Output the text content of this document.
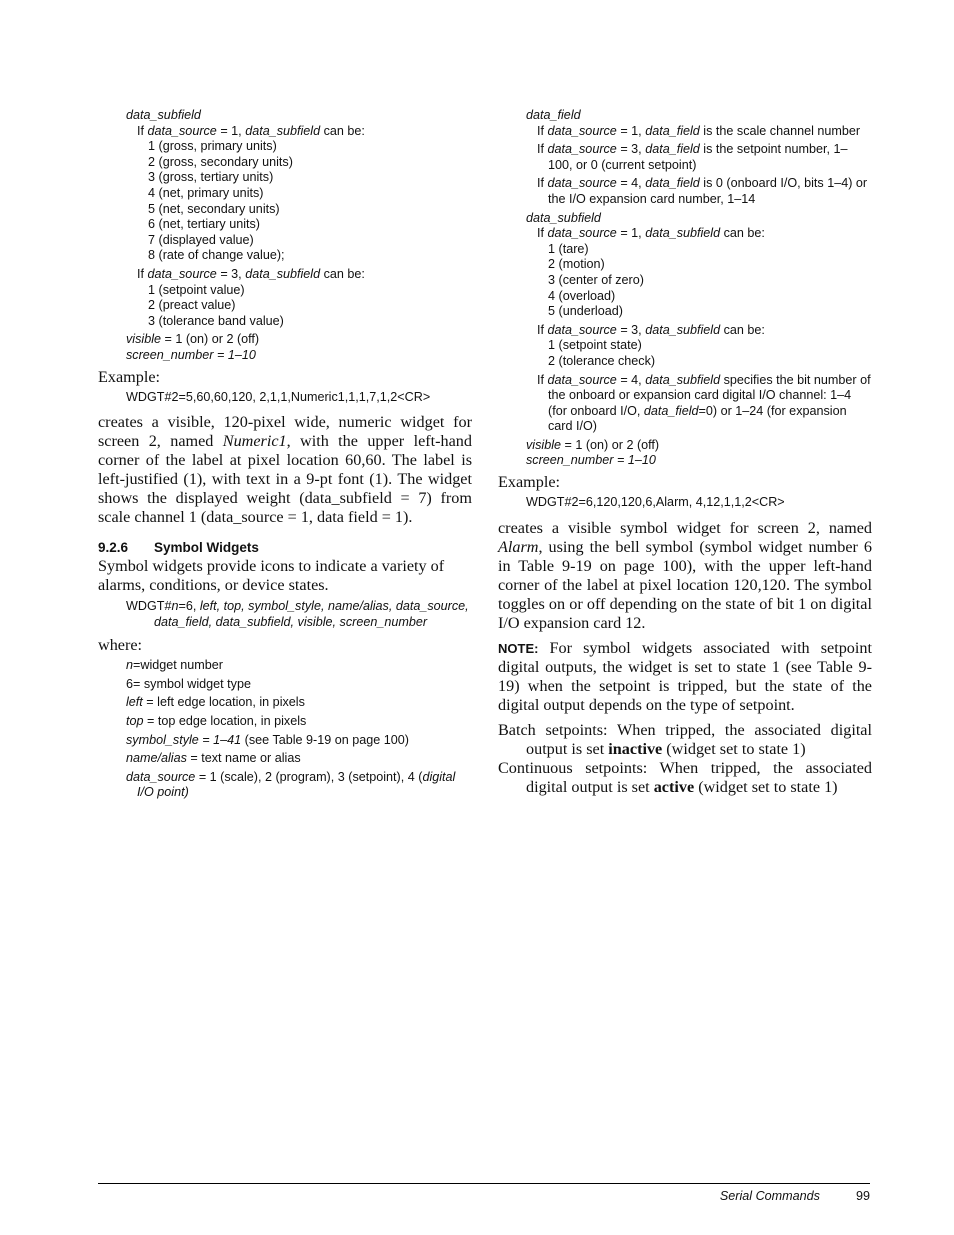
data_subfield
If data_source = 1, data_subfield can be:
1 (gross, primary units)
2 (gross, secondary units)
3 (gross, tertiary units)
4 (net, primary units)
5 (net, secondary units)
6 (net, tertiary units)
7 (displayed value)
8 (rate of change value);
If data_source = 3, data_subfield can be:
1 (setpoint value)
2 (preact value)
3 (tolerance band value)
visible = 1 (on) or 2 (off)
screen_number = 1–10
Example:
WDGT#2=5,60,60,120, 2,1,1,Numeric1,1,1,7,1,2<CR>
creates a visible, 120-pixel wide, numeric widget for screen 2, named Numeric1, with the upper left-hand corner of the label at pixel location 60,60. The label is left-justified (1), with text in a 9-pt font (1). The widget shows the displayed weight (data_subfield = 7) from scale channel 1 (data_source = 1, data field = 1).
9.2.6 Symbol Widgets
Symbol widgets provide icons to indicate a variety of alarms, conditions, or device states.
WDGT#n=6, left, top, symbol_style, name/alias, data_source, data_field, data_subfield, visible, screen_number
where:
n=widget number
6= symbol widget type
left = left edge location, in pixels
top = top edge location, in pixels
symbol_style = 1–41 (see Table 9-19 on page 100)
name/alias = text name or alias
data_source = 1 (scale), 2 (program), 3 (setpoint), 4 (digital I/O point)
data_field
If data_source = 1, data_field is the scale channel number
If data_source = 3, data_field is the setpoint number, 1–100, or 0 (current setpoint)
If data_source = 4, data_field is 0 (onboard I/O, bits 1–4) or the I/O expansion card number, 1–14
data_subfield
If data_source = 1, data_subfield can be:
1 (tare)
2 (motion)
3 (center of zero)
4 (overload)
5 (underload)
If data_source = 3, data_subfield can be:
1 (setpoint state)
2 (tolerance check)
If data_source = 4, data_subfield specifies the bit number of the onboard or expansion card digital I/O channel: 1–4 (for onboard I/O, data_field=0) or 1–24 (for expansion card I/O)
visible = 1 (on) or 2 (off)
screen_number = 1–10
Example:
WDGT#2=6,120,120,6,Alarm, 4,12,1,1,2<CR>
creates a visible symbol widget for screen 2, named Alarm, using the bell symbol (symbol widget number 6 in Table 9-19 on page 100), with the upper left-hand corner of the label at pixel location 120,120. The symbol toggles on or off depending on the state of bit 1 on digital I/O expansion card 12.
NOTE: For symbol widgets associated with setpoint digital outputs, the widget is set to state 1 (see Table 9-19) when the setpoint is tripped, but the state of the digital output depends on the type of setpoint.
Batch setpoints: When tripped, the associated digital output is set inactive (widget set to state 1)
Continuous setpoints: When tripped, the associated digital output is set active (widget set to state 1)
Serial Commands	99
